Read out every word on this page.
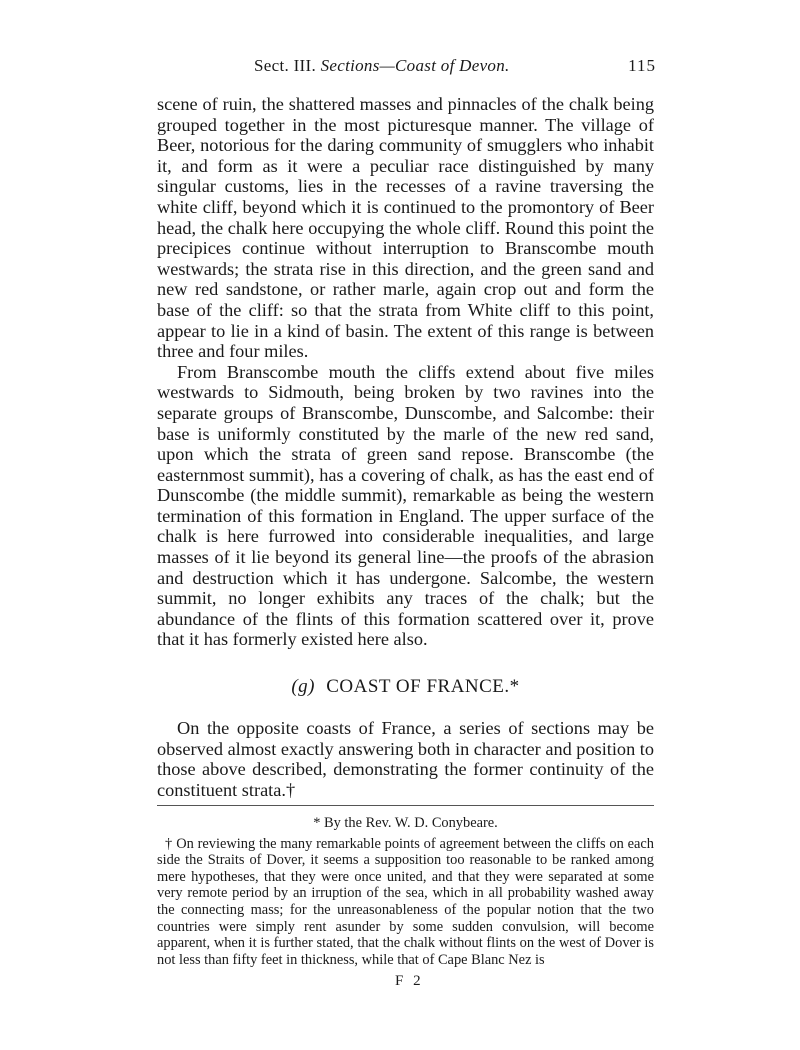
Sect. III. Sections—Coast of Devon.	115

scene of ruin, the shattered masses and pinnacles of the chalk being grouped together in the most picturesque manner. The village of Beer, notorious for the daring community of smugglers who inhabit it, and form as it were a peculiar race distinguished by many singular customs, lies in the recesses of a ravine traversing the white cliff, beyond which it is continued to the promontory of Beer head, the chalk here occupying the whole cliff. Round this point the precipices continue without interruption to Branscombe mouth westwards; the strata rise in this direction, and the green sand and new red sandstone, or rather marle, again crop out and form the base of the cliff: so that the strata from White cliff to this point, appear to lie in a kind of basin. The extent of this range is between three and four miles.

From Branscombe mouth the cliffs extend about five miles westwards to Sidmouth, being broken by two ravines into the separate groups of Branscombe, Dunscombe, and Salcombe: their base is uniformly constituted by the marle of the new red sand, upon which the strata of green sand repose. Branscombe (the easternmost summit), has a covering of chalk, as has the east end of Dunscombe (the middle summit), remarkable as being the western termination of this formation in England. The upper surface of the chalk is here furrowed into considerable inequalities, and large masses of it lie beyond its general line—the proofs of the abrasion and destruction which it has undergone. Salcombe, the western summit, no longer exhibits any traces of the chalk; but the abundance of the flints of this formation scattered over it, prove that it has formerly existed here also.

(g) COAST OF FRANCE.*

On the opposite coasts of France, a series of sections may be observed almost exactly answering both in character and position to those above described, demonstrating the former continuity of the constituent strata.†

* By the Rev. W. D. Conybeare.

† On reviewing the many remarkable points of agreement between the cliffs on each side the Straits of Dover, it seems a supposition too reasonable to be ranked among mere hypotheses, that they were once united, and that they were separated at some very remote period by an irruption of the sea, which in all probability washed away the connecting mass; for the unreasonableness of the popular notion that the two countries were simply rent asunder by some sudden convulsion, will become apparent, when it is further stated, that the chalk without flints on the west of Dover is not less than fifty feet in thickness, while that of Cape Blanc Nez is

F 2
